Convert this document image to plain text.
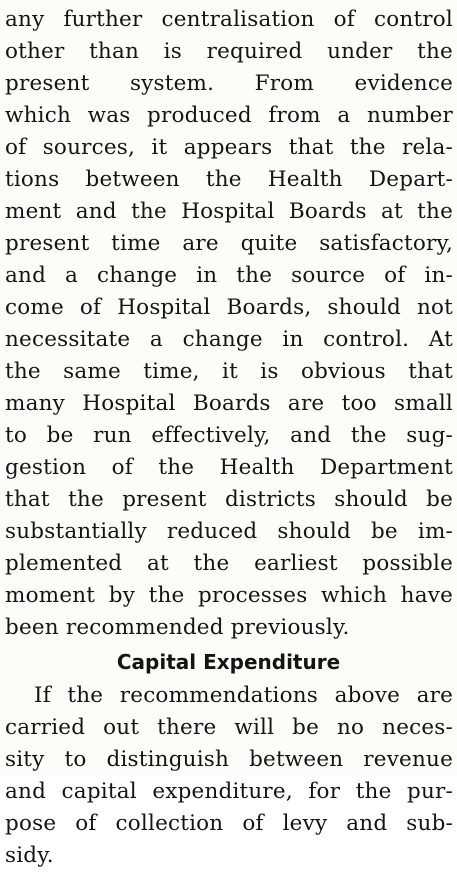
any further centralisation of control
other than is required under the
present system. From evidence
which was produced from a number
of sources, it appears that the rela-
tions between the Health Depart-
ment and the Hospital Boards at the
present time are quite satisfactory,
and a change in the source of in-
come of Hospital Boards, should not
necessitate a change in control. At
the same time, it is obvious that
many Hospital Boards are too small
to be run effectively, and the sug-
gestion of the Health Department
that the present districts should be
substantially reduced should be im-
plemented at the earliest possible
moment by the processes which have
been recommended previously.
Capital Expenditure
If the recommendations above are
carried out there will be no neces-
sity to distinguish between revenue
and capital expenditure, for the pur-
pose of collection of levy and sub-
sidy.
